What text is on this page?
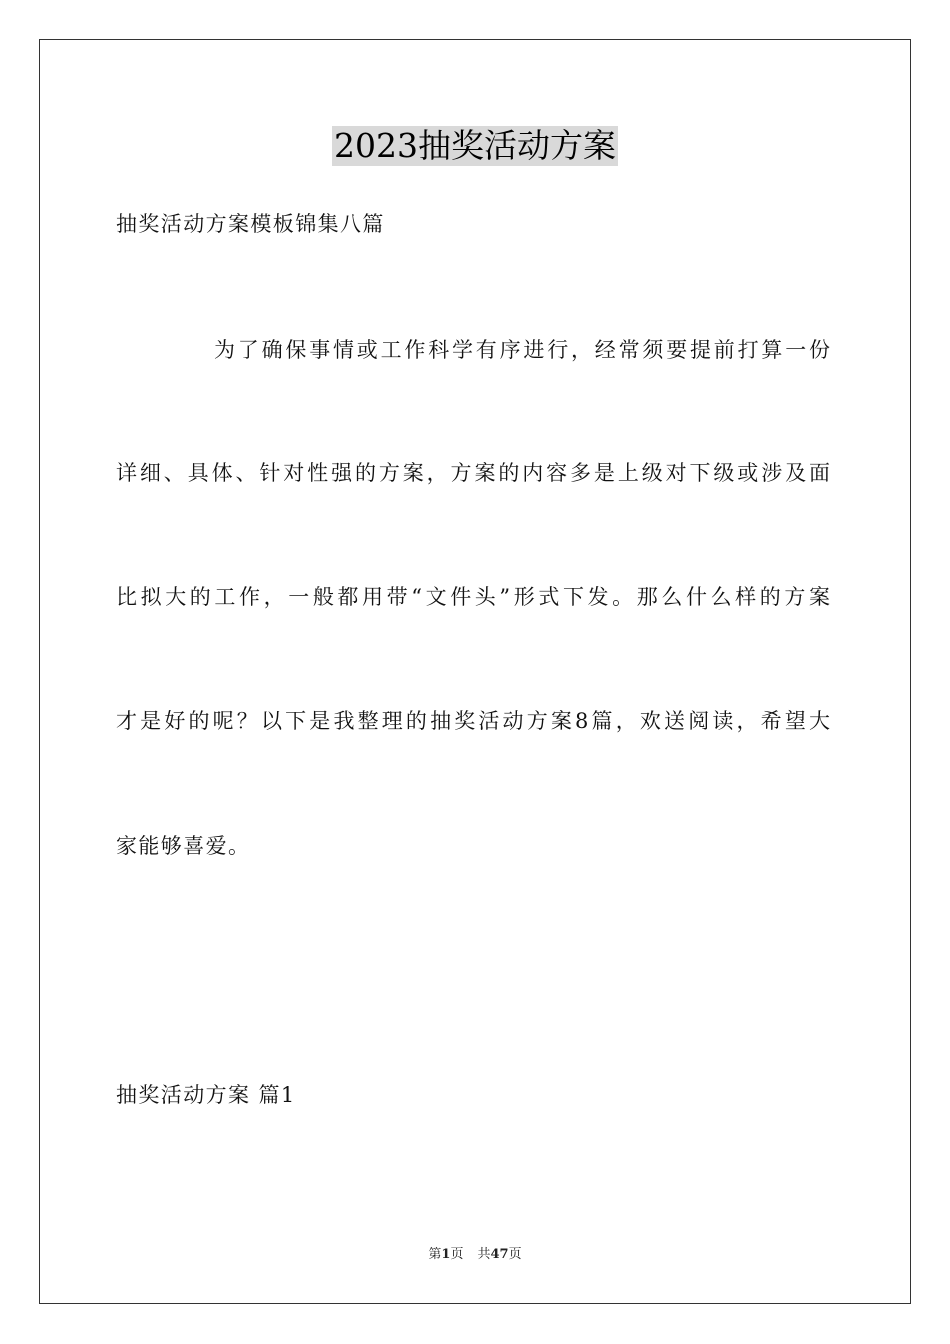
2023抽奖活动方案
抽奖活动方案模板锦集八篇
为了确保事情或工作科学有序进行，经常须要提前打算一份
详细、具体、针对性强的方案，方案的内容多是上级对下级或涉及面
比拟大的工作，一般都用带“文件头”形式下发。那么什么样的方案
才是好的呢？以下是我整理的抽奖活动方案8篇，欢送阅读，希望大
家能够喜爱。
抽奖活动方案 篇1
第1页 共47页
